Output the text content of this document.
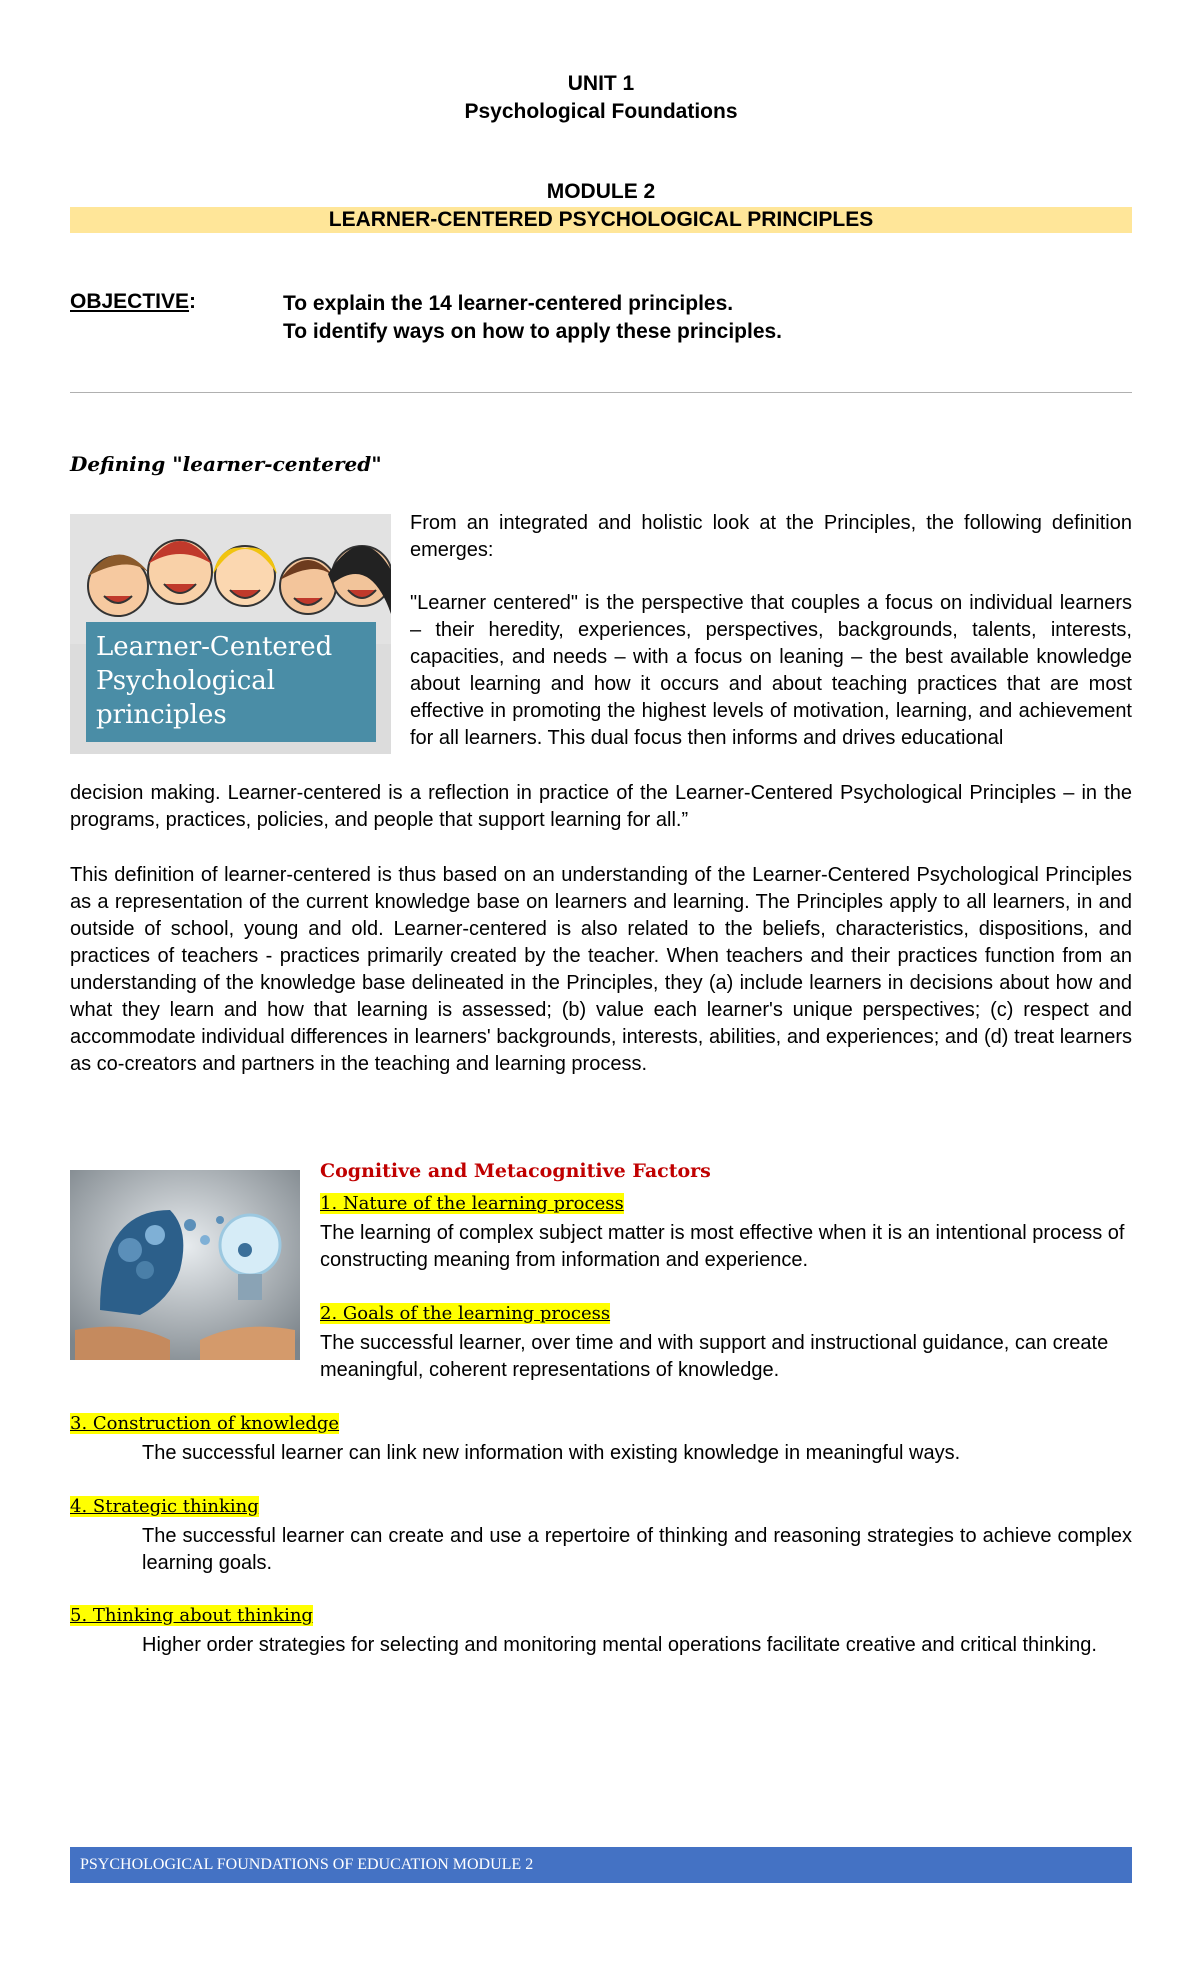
UNIT 1
Psychological Foundations
MODULE 2
LEARNER-CENTERED PSYCHOLOGICAL PRINCIPLES
OBJECTIVE:	To explain the 14 learner-centered principles.
To identify ways on how to apply these principles.
Defining "learner-centered"
Learner-Centered Psychological principles
From an integrated and holistic look at the Principles, the following definition emerges:
"Learner centered" is the perspective that couples a focus on individual learners – their heredity, experiences, perspectives, backgrounds, talents, interests, capacities, and needs – with a focus on leaning – the best available knowledge about learning and how it occurs and about teaching practices that are most effective in promoting the highest levels of motivation, learning, and achievement for all learners. This dual focus then informs and drives educational
decision making. Learner-centered is a reflection in practice of the Learner-Centered Psychological Principles – in the programs, practices, policies, and people that support learning for all.”
This definition of learner-centered is thus based on an understanding of the Learner-Centered Psychological Principles as a representation of the current knowledge base on learners and learning. The Principles apply to all learners, in and outside of school, young and old. Learner-centered is also related to the beliefs, characteristics, dispositions, and practices of teachers - practices primarily created by the teacher. When teachers and their practices function from an understanding of the knowledge base delineated in the Principles, they (a) include learners in decisions about how and what they learn and how that learning is assessed; (b) value each learner's unique perspectives; (c) respect and accommodate individual differences in learners' backgrounds, interests, abilities, and experiences; and (d) treat learners as co-creators and partners in the teaching and learning process.
Cognitive and Metacognitive Factors
1. Nature of the learning process
The learning of complex subject matter is most effective when it is an intentional process of constructing meaning from information and experience.
2. Goals of the learning process
The successful learner, over time and with support and instructional guidance, can create meaningful, coherent representations of knowledge.
3. Construction of knowledge
The successful learner can link new information with existing knowledge in meaningful ways.
4. Strategic thinking
The successful learner can create and use a repertoire of thinking and reasoning strategies to achieve complex learning goals.
5. Thinking about thinking
Higher order strategies for selecting and monitoring mental operations facilitate creative and critical thinking.
PSYCHOLOGICAL FOUNDATIONS OF EDUCATION MODULE 2
